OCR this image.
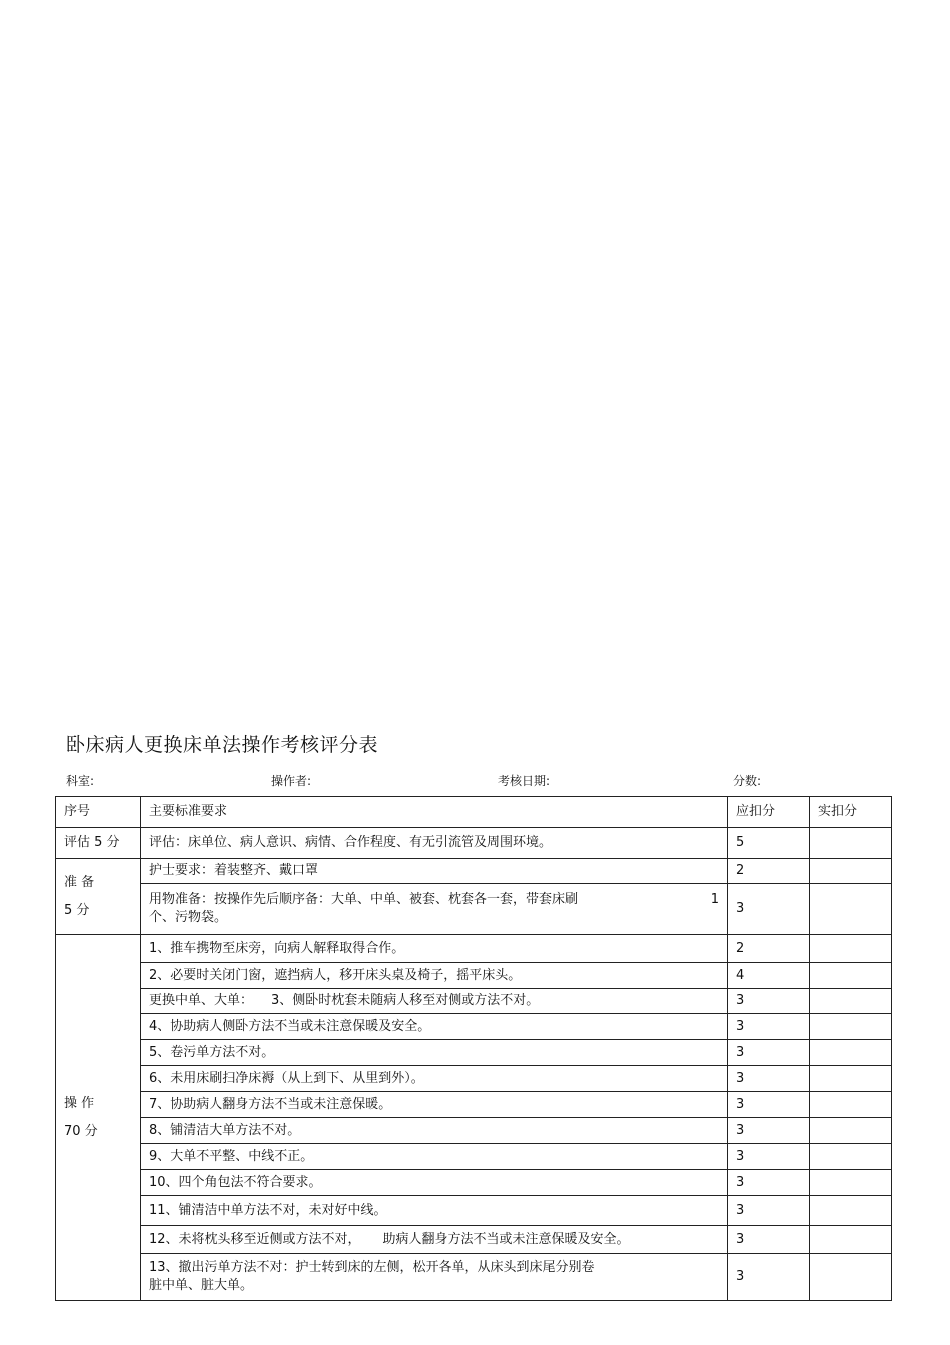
卧床病人更换床单法操作考核评分表
科室:	操作者:	考核日期:	分数:
序号	主要标准要求	应扣分	实扣分
评估 5 分	评估：床单位、病人意识、病情、合作程度、有无引流管及周围环境。	5	

准 备
5 分	护士要求：着装整齐、戴口罩	2	

	用物准备：按操作先后顺序备：大单、中单、被套、枕套各一套，带套床刷 1
个、污物袋。	3	

操 作
70 分	1、推车携物至床旁，向病人解释取得合作。	2	
	2、必要时关闭门窗，遮挡病人，移开床头桌及椅子，摇平床头。	4	
	更换中单、大单： 3、侧卧时枕套未随病人移至对侧或方法不对。	3	
	4、协助病人侧卧方法不当或未注意保暖及安全。	3	
	5、卷污单方法不对。	3	
	6、未用床刷扫净床褥（从上到下、从里到外）。	3	
	7、协助病人翻身方法不当或未注意保暖。	3	
	8、铺清洁大单方法不对。	3	
	9、大单不平整、中线不正。	3	
	10、四个角包法不符合要求。	3	
	11、铺清洁中单方法不对，未对好中线。	3	
	12、未将枕头移至近侧或方法不对， 助病人翻身方法不当或未注意保暖及安全。	3	

	13、撤出污单方法不对：护士转到床的左侧，松开各单，从床头到床尾分别卷
脏中单、脏大单。	3	
